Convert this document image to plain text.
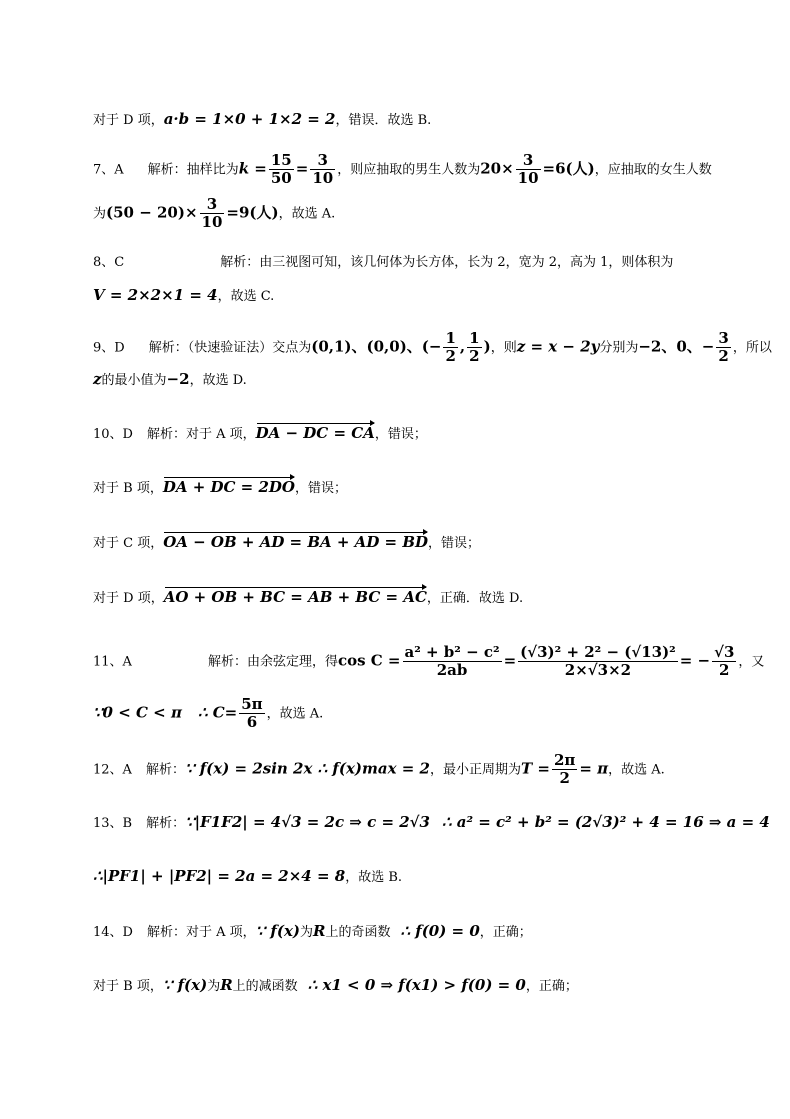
对于 D 项，a·b = 1×0 + 1×2 = 2，错误．故选 B.
7、A 解析：抽样比为$k = \frac{15}{50} = \frac{3}{10}$ ，则应抽取的男生人数为$20\times \frac{3}{10} =6$(人)，应抽取的女生人数
为$(50 - 20)\times \frac{3}{10} =9$(人)，故选 A.
8、C	解析：由三视图可知，该几何体为长方体，长为 2，宽为 2，高为 1，则体积为
V = 2×2×1 = 4，故选 C.
9、D 解析：（快速验证法）交点为(0,1)、(0,0)、(− $\frac{1}{2}$ , $\frac{1}{2}$ )，则z = x − 2y分别为−2、0、− $\frac{3}{2}$ ，所以
z的最小值为−2，故选 D.
10、D 解析：对于 A 项，DA − DC = CA，错误；
对于 B 项，DA + DC = 2DO，错误；
对于 C 项，OA − OB + AD = BA + AD = BD，错误；
对于 D 项，AO + OB + BC = AB + BC = AC，正确．故选 D.
11、A	解析：由余弦定理，得$\cos C = \frac{\text{a² + b² − c²}}{2ab} = \frac{\text{(√3)² + 2² − (√13)²}}{2\times√3\times 2}$ = − $\frac{√3}{2}$ ，又
∵0 < C < π ∴ $C= \frac{5\pi}{6}$ ，故选 A.
12、A 解析：∵ f(x) = 2sin 2x ∴ f(x)max = 2，最小正周期为$T = \frac{2\pi}{2} = \pi$，故选 A.
13、B 解析：∵|F1F2| = 4√3 = 2c ⇒ c = 2√3 ∴ a² = c² + b² = (2√3)² + 4 = 16 ⇒ a = 4
∴|PF1| + |PF2| = 2a = 2×4 = 8，故选 B.
14、D 解析：对于 A 项，∵ f(x)为R上的奇函数 ∴ f(0) = 0，正确；
对于 B 项，∵ f(x)为R上的减函数 ∴ x1 < 0 ⇒ f(x1) > f(0) = 0，正确；
